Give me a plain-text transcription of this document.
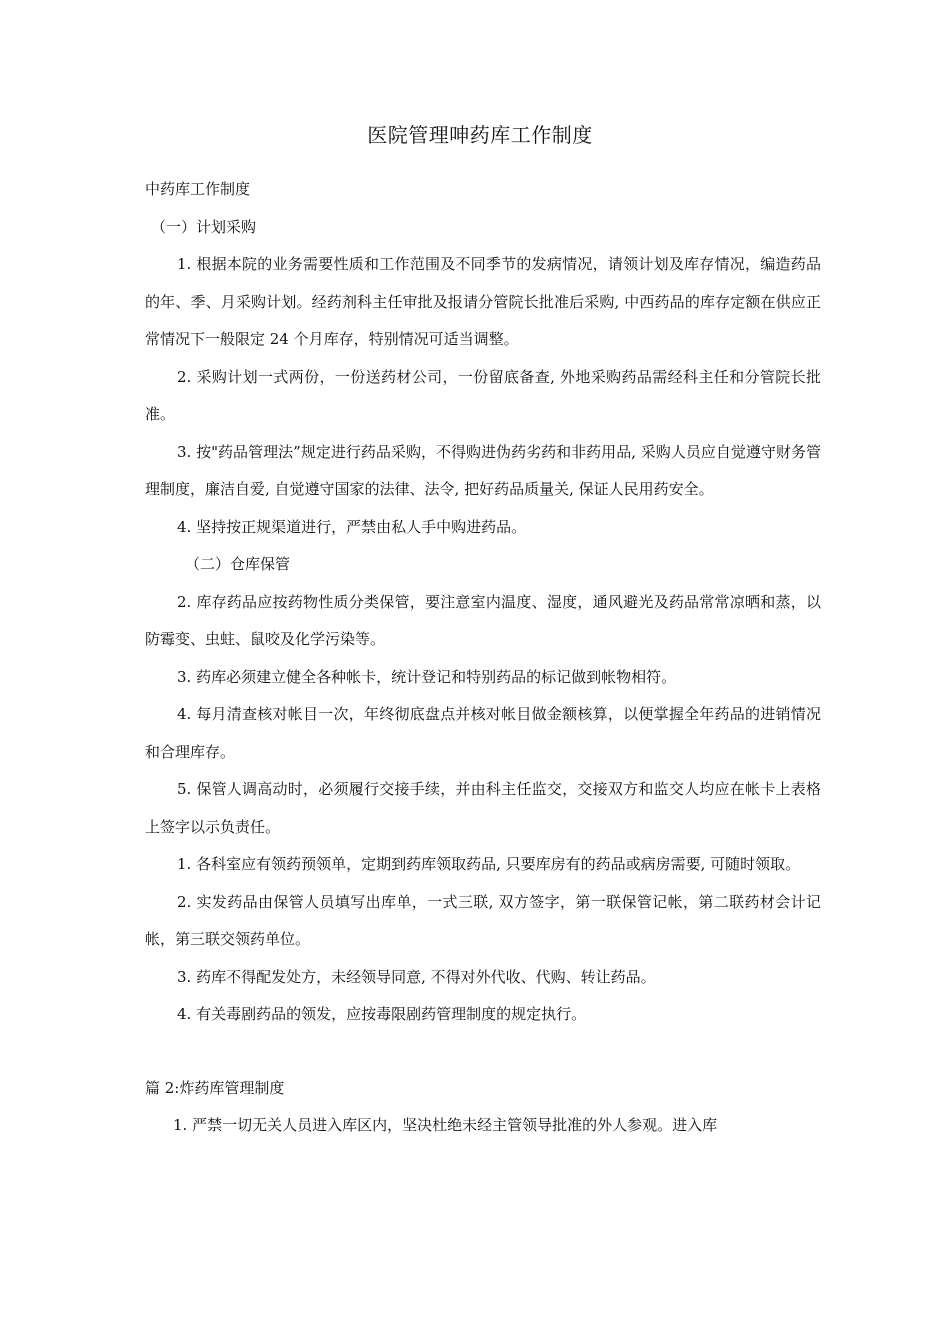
医院管理呻药库工作制度

中药库工作制度

（一）计划采购

1. 根据本院的业务需要性质和工作范围及不同季节的发病情况，请领计划及库存情况，编造药品的年、季、月采购计划。经药剂科主任审批及报请分管院长批准后采购, 中西药品的库存定额在供应正常情况下一般限定 24 个月库存，特别情况可适当调整。

2. 采购计划一式两份，一份送药材公司，一份留底备查, 外地采购药品需经科主任和分管院长批准。

3. 按"药品管理法”规定进行药品采购，不得购进伪药劣药和非药用品, 采购人员应自觉遵守财务管理制度，廉洁自爱, 自觉遵守国家的法律、法令, 把好药品质量关, 保证人民用药安全。

4. 坚持按正规渠道进行，严禁由私人手中购进药品。

（二）仓库保管

2. 库存药品应按药物性质分类保管，要注意室内温度、湿度，通风避光及药品常常凉晒和蒸，以防霉变、虫蛀、鼠咬及化学污染等。

3. 药库必须建立健全各种帐卡，统计登记和特别药品的标记做到帐物相符。

4. 每月清查核对帐目一次，年终彻底盘点并核对帐目做金额核算，以便掌握全年药品的进销情况和合理库存。

5. 保管人调高动时，必须履行交接手续，并由科主任监交，交接双方和监交人均应在帐卡上表格上签字以示负责任。

1. 各科室应有领药预领单，定期到药库领取药品, 只要库房有的药品或病房需要, 可随时领取。

2. 实发药品由保管人员填写出库单，一式三联, 双方签字，第一联保管记帐，第二联药材会计记帐，第三联交领药单位。

3. 药库不得配发处方，未经领导同意, 不得对外代收、代购、转让药品。

4. 有关毒剧药品的领发，应按毒限剧药管理制度的规定执行。

篇 2:炸药库管理制度

1. 严禁一切无关人员进入库区内，坚决杜绝未经主管领导批准的外人参观。进入库
